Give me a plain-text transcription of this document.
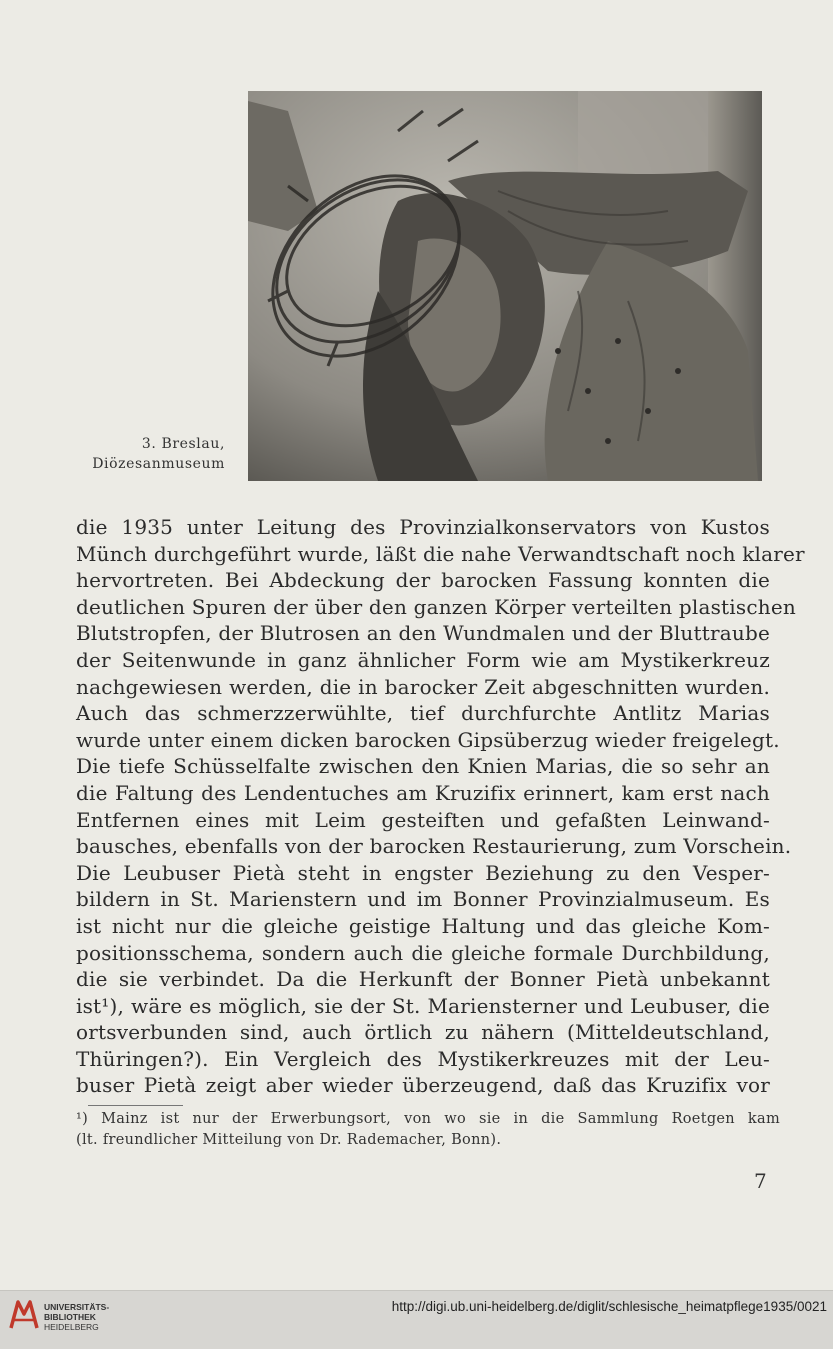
3. Breslau,
Diözesanmuseum
die 1935 unter Leitung des Provinzialkonservators von Kustos
Münch durchgeführt wurde, läßt die nahe Verwandtschaft noch klarer
hervortreten. Bei Abdeckung der barocken Fassung konnten die
deutlichen Spuren der über den ganzen Körper verteilten plastischen
Blutstropfen, der Blutrosen an den Wundmalen und der Bluttraube
der Seitenwunde in ganz ähnlicher Form wie am Mystikerkreuz
nachgewiesen werden, die in barocker Zeit abgeschnitten wurden.
Auch das schmerzzerwühlte, tief durchfurchte Antlitz Marias
wurde unter einem dicken barocken Gipsüberzug wieder freigelegt.
Die tiefe Schüsselfalte zwischen den Knien Marias, die so sehr an
die Faltung des Lendentuches am Kruzifix erinnert, kam erst nach
Entfernen eines mit Leim gesteiften und gefaßten Leinwand-
bausches, ebenfalls von der barocken Restaurierung, zum Vorschein.
Die Leubuser Pietà steht in engster Beziehung zu den Vesper-
bildern in St. Marienstern und im Bonner Provinzialmuseum. Es
ist nicht nur die gleiche geistige Haltung und das gleiche Kom-
positionsschema, sondern auch die gleiche formale Durchbildung,
die sie verbindet. Da die Herkunft der Bonner Pietà unbekannt
ist¹), wäre es möglich, sie der St. Mariensterner und Leubuser, die
ortsverbunden sind, auch örtlich zu nähern (Mitteldeutschland,
Thüringen?). Ein Vergleich des Mystikerkreuzes mit der Leu-
buser Pietà zeigt aber wieder überzeugend, daß das Kruzifix vor
¹) Mainz ist nur der Erwerbungsort, von wo sie in die Sammlung Roetgen kam
(lt. freundlicher Mitteilung von Dr. Rademacher, Bonn).
7
UNIVERSITÄTS-
BIBLIOTHEK
HEIDELBERG
http://digi.ub.uni-heidelberg.de/diglit/schlesische_heimatpflege1935/0021
